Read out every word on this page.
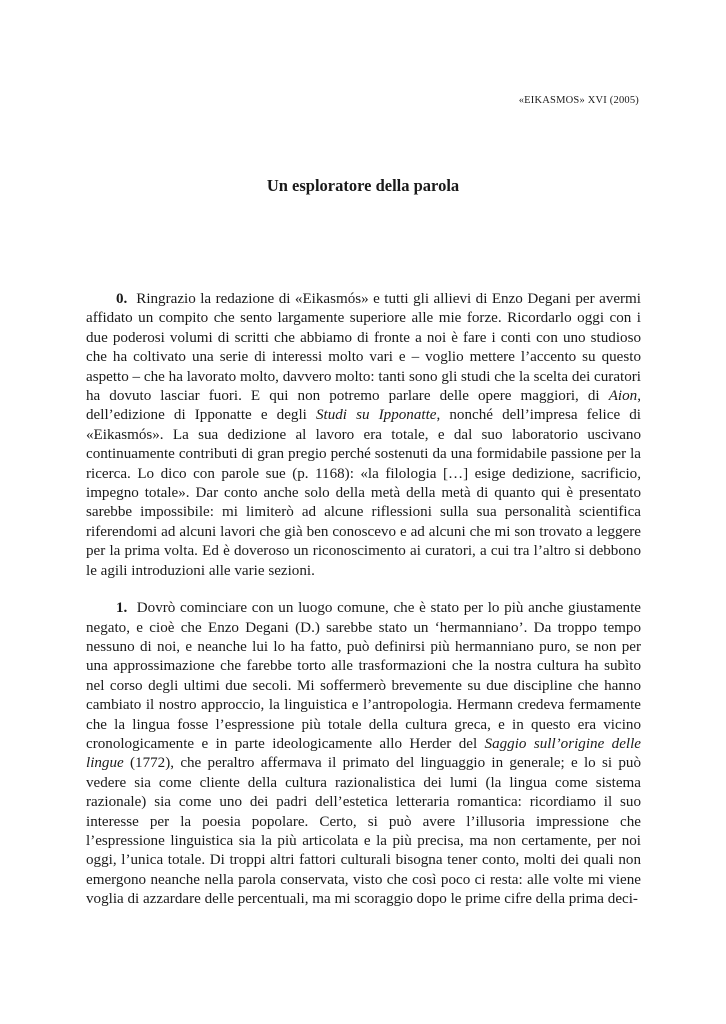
«EIKASMOS» XVI (2005)
Un esploratore della parola

0. Ringrazio la redazione di «Eikasmós» e tutti gli allievi di Enzo Degani per avermi affidato un compito che sento largamente superiore alle mie forze. Ricordarlo oggi con i due poderosi volumi di scritti che abbiamo di fronte a noi è fare i conti con uno studioso che ha coltivato una serie di interessi molto vari e – voglio mettere l’accento su questo aspetto – che ha lavorato molto, davvero molto: tanti sono gli studi che la scelta dei curatori ha dovuto lasciar fuori. E qui non potremo parlare delle opere maggiori, di Aion, dell’edizione di Ipponatte e degli Studi su Ipponatte, nonché dell’impresa felice di «Eikasmós». La sua dedizione al lavoro era totale, e dal suo laboratorio uscivano continuamente contributi di gran pregio perché sostenuti da una formidabile passione per la ricerca. Lo dico con parole sue (p. 1168): «la filologia […] esige dedizione, sacrificio, impegno totale». Dar conto anche solo della metà della metà di quanto qui è presentato sarebbe impossibile: mi limiterò ad alcune riflessioni sulla sua personalità scientifica riferendomi ad alcuni lavori che già ben conoscevo e ad alcuni che mi son trovato a leggere per la prima volta. Ed è doveroso un riconoscimento ai curatori, a cui tra l’altro si debbono le agili introduzioni alle varie sezioni.

1. Dovrò cominciare con un luogo comune, che è stato per lo più anche giustamente negato, e cioè che Enzo Degani (D.) sarebbe stato un ‘hermanniano’. Da troppo tempo nessuno di noi, e neanche lui lo ha fatto, può definirsi più hermanniano puro, se non per una approssimazione che farebbe torto alle trasformazioni che la nostra cultura ha subìto nel corso degli ultimi due secoli. Mi soffermerò brevemente su due discipline che hanno cambiato il nostro approccio, la linguistica e l’antropologia. Hermann credeva fermamente che la lingua fosse l’espressione più totale della cultura greca, e in questo era vicino cronologicamente e in parte ideologicamente allo Herder del Saggio sull’origine delle lingue (1772), che peraltro affermava il primato del linguaggio in generale; e lo si può vedere sia come cliente della cultura razionalistica dei lumi (la lingua come sistema razionale) sia come uno dei padri dell’estetica letteraria romantica: ricordiamo il suo interesse per la poesia popolare. Certo, si può avere l’illusoria impressione che l’espressione linguistica sia la più articolata e la più precisa, ma non certamente, per noi oggi, l’unica totale. Di troppi altri fattori culturali bisogna tener conto, molti dei quali non emergono neanche nella parola conservata, visto che così poco ci resta: alle volte mi viene voglia di azzardare delle percentuali, ma mi scoraggio dopo le prime cifre della prima deci-
